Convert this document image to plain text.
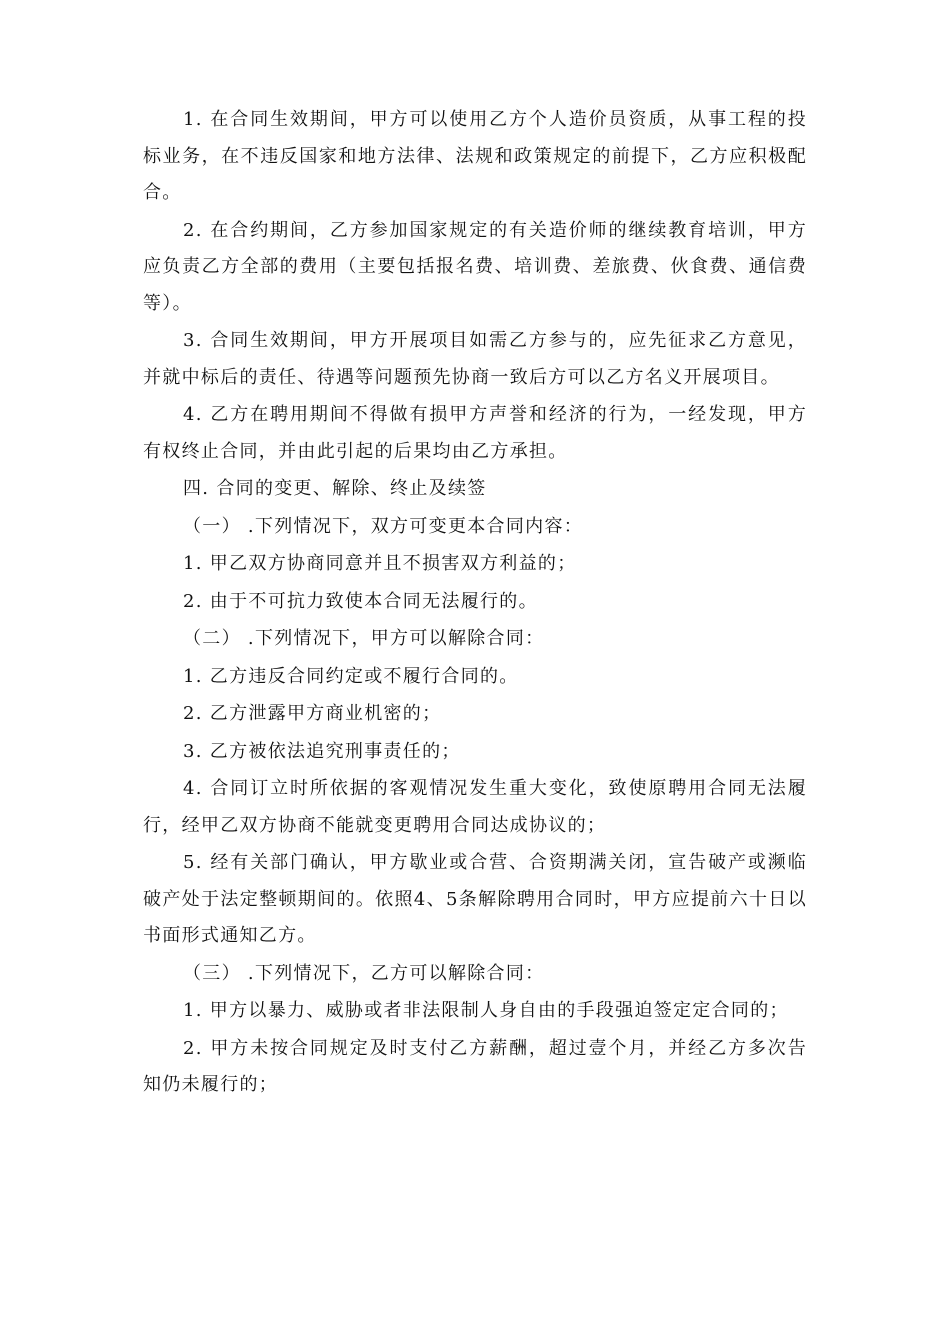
1. 在合同生效期间，甲方可以使用乙方个人造价员资质，从事工程的投标业务，在不违反国家和地方法律、法规和政策规定的前提下，乙方应积极配合。

2. 在合约期间，乙方参加国家规定的有关造价师的继续教育培训，甲方应负责乙方全部的费用（主要包括报名费、培训费、差旅费、伙食费、通信费等）。

3. 合同生效期间，甲方开展项目如需乙方参与的，应先征求乙方意见，并就中标后的责任、待遇等问题预先协商一致后方可以乙方名义开展项目。

4. 乙方在聘用期间不得做有损甲方声誉和经济的行为，一经发现，甲方有权终止合同，并由此引起的后果均由乙方承担。

四. 合同的变更、解除、终止及续签

（一） .下列情况下，双方可变更本合同内容：

1. 甲乙双方协商同意并且不损害双方利益的；

2. 由于不可抗力致使本合同无法履行的。

（二） .下列情况下，甲方可以解除合同：

1. 乙方违反合同约定或不履行合同的。

2. 乙方泄露甲方商业机密的；

3. 乙方被依法追究刑事责任的；

4. 合同订立时所依据的客观情况发生重大变化，致使原聘用合同无法履行，经甲乙双方协商不能就变更聘用合同达成协议的；

5. 经有关部门确认，甲方歇业或合营、合资期满关闭，宣告破产或濒临破产处于法定整顿期间的。依照4、5条解除聘用合同时，甲方应提前六十日以书面形式通知乙方。

（三） .下列情况下，乙方可以解除合同：

1. 甲方以暴力、威胁或者非法限制人身自由的手段强迫签定定合同的；

2. 甲方未按合同规定及时支付乙方薪酬，超过壹个月，并经乙方多次告知仍未履行的；
